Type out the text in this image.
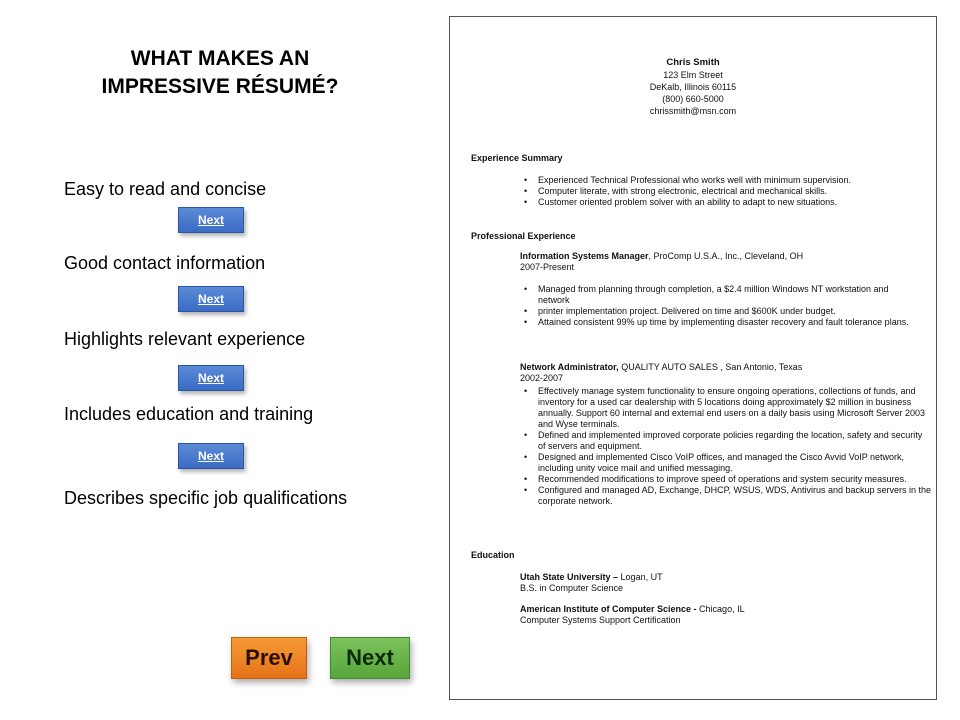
WHAT MAKES AN
IMPRESSIVE RÉSUMÉ?
Easy to read and concise
Next
Good contact information
Next
Highlights relevant experience
Next
Includes education and training
Next
Describes specific job qualifications
Prev	Next
Chris Smith
123 Elm Street
DeKalb, Illinois 60115
(800) 660-5000
chrissmith@msn.com
Experience Summary
• Experienced Technical Professional who works well with minimum supervision.
• Computer literate, with strong electronic, electrical and mechanical skills.
• Customer oriented problem solver with an ability to adapt to new situations.
Professional Experience
Information Systems Manager, ProComp U.S.A., Inc., Cleveland, OH
2007-Present
• Managed from planning through completion, a $2.4 million Windows NT workstation and network
• printer implementation project. Delivered on time and $600K under budget.
• Attained consistent 99% up time by implementing disaster recovery and fault tolerance plans.
Network Administrator, QUALITY AUTO SALES , San Antonio, Texas
2002-2007
• Effectively manage system functionality to ensure ongoing operations, collections of funds, and inventory for a used car dealership with 5 locations doing approximately $2 million in business annually. Support 60 internal and external end users on a daily basis using Microsoft Server 2003 and Wyse terminals.
• Defined and implemented improved corporate policies regarding the location, safety and security of servers and equipment.
• Designed and implemented Cisco VoIP offices, and managed the Cisco Avvid VoIP network, including unity voice mail and unified messaging.
• Recommended modifications to improve speed of operations and system security measures.
• Configured and managed AD, Exchange, DHCP, WSUS, WDS, Antivirus and backup servers in the corporate network.
Education
Utah State University – Logan, UT
B.S. in Computer Science
American Institute of Computer Science - Chicago, IL
Computer Systems Support Certification
